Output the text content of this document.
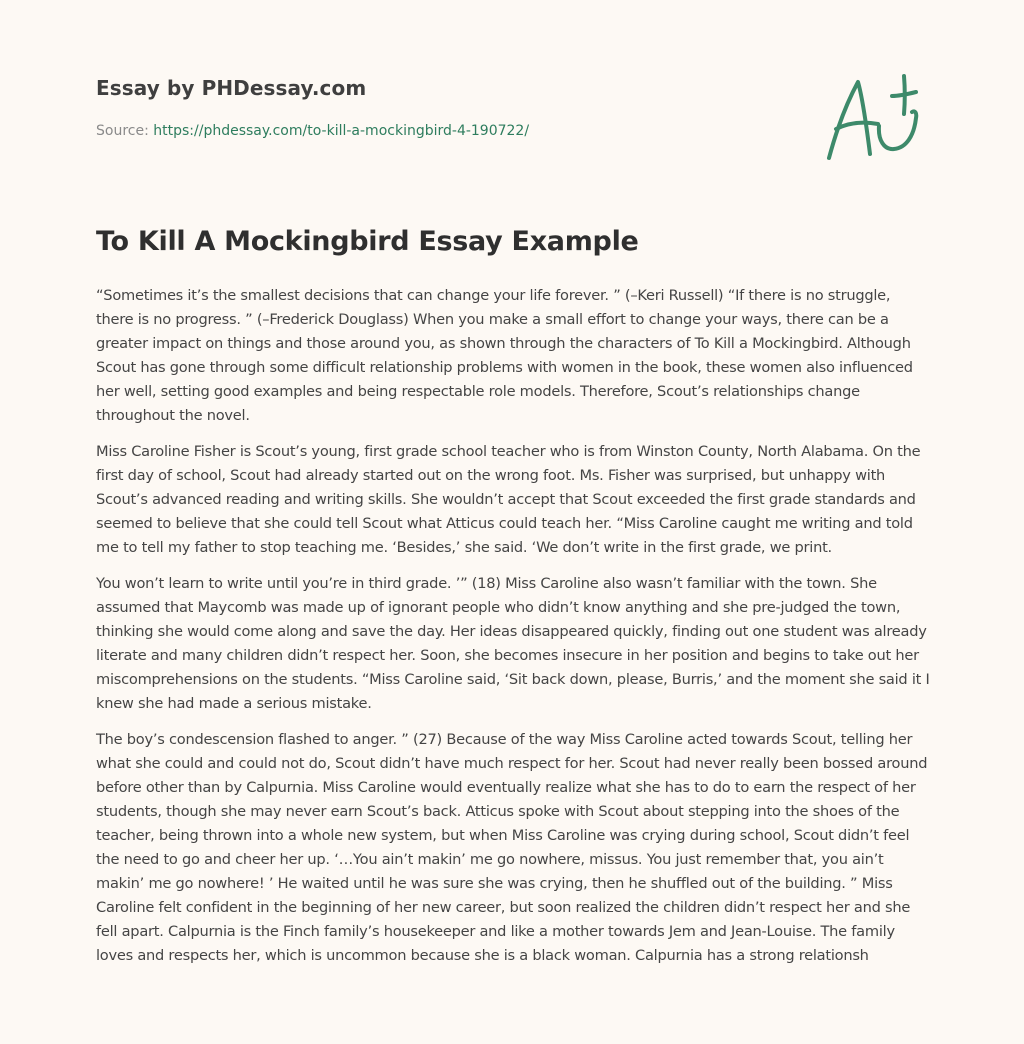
Essay by PHDessay.com
Source: https://phdessay.com/to-kill-a-mockingbird-4-190722/
To Kill A Mockingbird Essay Example

“Sometimes it’s the smallest decisions that can change your life forever. ” (–Keri Russell) “If there is no struggle, there is no progress. ” (–Frederick Douglass) When you make a small effort to change your ways, there can be a greater impact on things and those around you, as shown through the characters of To Kill a Mockingbird. Although Scout has gone through some difficult relationship problems with women in the book, these women also influenced her well, setting good examples and being respectable role models. Therefore, Scout’s relationships change throughout the novel.

Miss Caroline Fisher is Scout’s young, first grade school teacher who is from Winston County, North Alabama. On the first day of school, Scout had already started out on the wrong foot. Ms. Fisher was surprised, but unhappy with Scout’s advanced reading and writing skills. She wouldn’t accept that Scout exceeded the first grade standards and seemed to believe that she could tell Scout what Atticus could teach her. “Miss Caroline caught me writing and told me to tell my father to stop teaching me. ‘Besides,’ she said. ‘We don’t write in the first grade, we print.

You won’t learn to write until you’re in third grade. ’” (18) Miss Caroline also wasn’t familiar with the town. She assumed that Maycomb was made up of ignorant people who didn’t know anything and she pre-judged the town, thinking she would come along and save the day. Her ideas disappeared quickly, finding out one student was already literate and many children didn’t respect her. Soon, she becomes insecure in her position and begins to take out her miscomprehensions on the students. “Miss Caroline said, ‘Sit back down, please, Burris,’ and the moment she said it I knew she had made a serious mistake.

The boy’s condescension flashed to anger. ” (27) Because of the way Miss Caroline acted towards Scout, telling her what she could and could not do, Scout didn’t have much respect for her. Scout had never really been bossed around before other than by Calpurnia. Miss Caroline would eventually realize what she has to do to earn the respect of her students, though she may never earn Scout’s back. Atticus spoke with Scout about stepping into the shoes of the teacher, being thrown into a whole new system, but when Miss Caroline was crying during school, Scout didn’t feel the need to go and cheer her up. ‘…You ain’t makin’ me go nowhere, missus. You just remember that, you ain’t makin’ me go nowhere! ’ He waited until he was sure she was crying, then he shuffled out of the building. ” Miss Caroline felt confident in the beginning of her new career, but soon realized the children didn’t respect her and she fell apart. Calpurnia is the Finch family’s housekeeper and like a mother towards Jem and Jean-Louise. The family loves and respects her, which is uncommon because she is a black woman. Calpurnia has a strong relationsh
